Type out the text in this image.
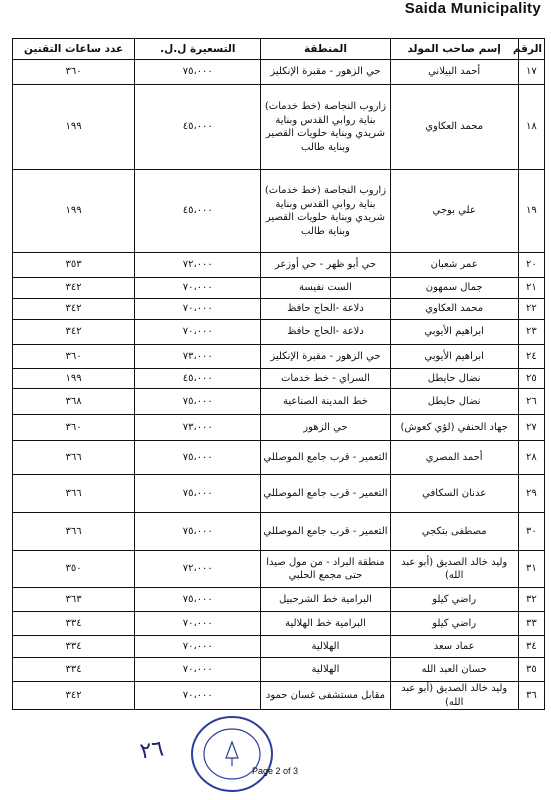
Saida Municipality
الرقم	إسم صاحب المولد	المنطقة	التسعيرة ل.ل.	عدد ساعات التقنين
١٧	أحمد البيلاني	حي الزهور - مقبرة الإنكليز	٧٥،٠٠٠	٣٦٠
١٨	محمد العكاوي	زاروب النجاصة (خط خدمات) بناية روابي القدس وبناية شريدي وبناية حلويات القصير وبناية طالب	٤٥،٠٠٠	١٩٩
١٩	علي بوجي	زاروب النجاصة (خط خدمات) بناية روابي القدس وبناية شريدي وبناية حلويات القصير وبناية طالب	٤٥،٠٠٠	١٩٩
٢٠	عمر شعبان	حي أبو ظهر - حي أوزعر	٧٢،٠٠٠	٣٥٣
٢١	جمال سمهون	الست نفيسة	٧٠،٠٠٠	٣٤٢
٢٢	محمد العكاوي	دلاعة -الحاج حافظ	٧٠،٠٠٠	٣٤٢
٢٣	ابراهيم الأيوبي	دلاعة -الحاج حافظ	٧٠،٠٠٠	٣٤٢
٢٤	ابراهيم الأيوبي	حي الزهور - مقبرة الإنكليز	٧٣،٠٠٠	٣٦٠
٢٥	نضال حايطل	السراي - خط خدمات	٤٥،٠٠٠	١٩٩
٢٦	نضال حايطل	خط المدينة الصناعية	٧٥،٠٠٠	٣٦٨
٢٧	جهاد الحنفي (لؤي كعوش)	حي الزهور	٧٣،٠٠٠	٣٦٠
٢٨	أحمد المصري	التعمير - قرب جامع الموصللي	٧٥،٠٠٠	٣٦٦
٢٩	عدنان السكافي	التعمير - قرب جامع الموصللي	٧٥،٠٠٠	٣٦٦
٣٠	مصطفى بتكجي	التعمير - قرب جامع الموصللي	٧٥،٠٠٠	٣٦٦
٣١	وليد خالد الصديق (أبو عبد الله)	منطقة البراد - من مول صيدا حتى مجمع الحلبي	٧٢،٠٠٠	٣٥٠
٣٢	راضي كيلو	البرامية خط الشرحبيل	٧٥،٠٠٠	٣٦٣
٣٣	راضي كيلو	البرامية خط الهلالية	٧٠،٠٠٠	٣٣٤
٣٤	عماد سعد	الهلالية	٧٠،٠٠٠	٣٣٤
٣٥	حسان العبد الله	الهلالية	٧٠،٠٠٠	٣٣٤
٣٦	وليد خالد الصديق (أبو عبد الله)	مقابل مستشفى غسان حمود	٧٠،٠٠٠	٣٤٢
٢٦
Page 2 of 3
